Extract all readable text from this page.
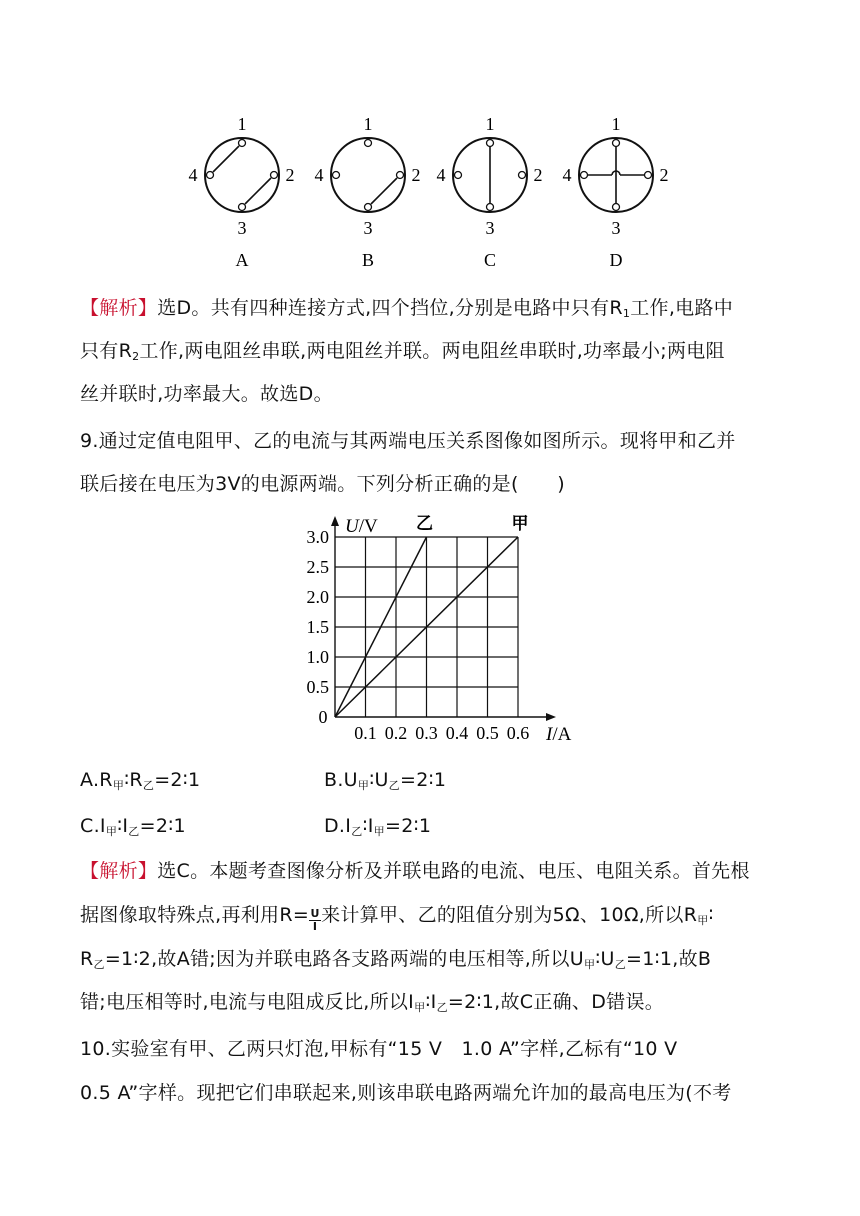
1
2
3
4
A
1
2
3
4
B
1
2
3
4
C
1
2
3
4
D
【解析】选D。共有四种连接方式,四个挡位,分别是电路中只有$R_1$工作,电路中
只有$R_2$工作,两电阻丝串联,两电阻丝并联。两电阻丝串联时,功率最小;两电阻
丝并联时,功率最大。故选D。
9.通过定值电阻甲、乙的电流与其两端电压关系图像如图所示。现将甲和乙并
联后接在电压为3V的电源两端。下列分析正确的是(　　)
乙	甲
0.1 0.2 0.3 0.4 0.5 0.6
0.5
1.0
1.5
2.0
2.5
3.0
0
U/V
I/A
$A.R_甲∶R_乙=2∶1$	$B.U_甲∶U_乙=2∶1$
$C.I_甲∶I_乙=2∶1$	$D.I_乙∶I_甲=2∶1$
【解析】选C。本题考查图像分析及并联电路的电流、电压、电阻关系。首先根
据图像取特殊点,再利用$R= \frac{U}{I}$ 来计算甲、乙的阻值分别为5Ω、10Ω,所以$R_甲∶$
$R_乙=1∶2$,故A错;因为并联电路各支路两端的电压相等,所以$U_甲∶U_乙=1∶1$,故B
错;电压相等时,电流与电阻成反比,所以$I_甲∶I_乙=2∶1$,故C正确、D错误。
10.实验室有甲、乙两只灯泡,甲标有“15 V　1.0 A”字样,乙标有“10 V
0.5 A”字样。现把它们串联起来,则该串联电路两端允许加的最高电压为(不考
